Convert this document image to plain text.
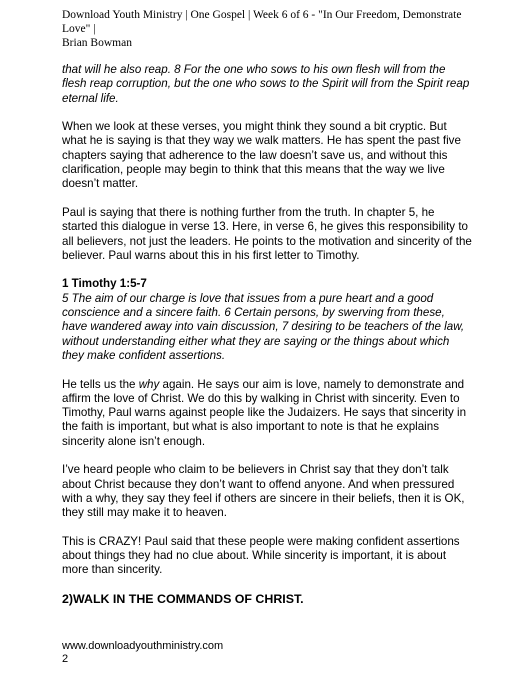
Download Youth Ministry | One Gospel | Week 6 of 6 - "In Our Freedom, Demonstrate Love" |
Brian Bowman

that will he also reap. 8 For the one who sows to his own flesh will from the flesh reap corruption, but the one who sows to the Spirit will from the Spirit reap eternal life.

When we look at these verses, you might think they sound a bit cryptic. But what he is saying is that they way we walk matters. He has spent the past five chapters saying that adherence to the law doesn’t save us, and without this clarification, people may begin to think that this means that the way we live doesn’t matter.

Paul is saying that there is nothing further from the truth. In chapter 5, he started this dialogue in verse 13. Here, in verse 6, he gives this responsibility to all believers, not just the leaders. He points to the motivation and sincerity of the believer. Paul warns about this in his first letter to Timothy.

1 Timothy 1:5-7
5 The aim of our charge is love that issues from a pure heart and a good conscience and a sincere faith. 6 Certain persons, by swerving from these, have wandered away into vain discussion, 7 desiring to be teachers of the law, without understanding either what they are saying or the things about which they make confident assertions.

He tells us the why again. He says our aim is love, namely to demonstrate and affirm the love of Christ. We do this by walking in Christ with sincerity. Even to Timothy, Paul warns against people like the Judaizers. He says that sincerity in the faith is important, but what is also important to note is that he explains sincerity alone isn’t enough.

I’ve heard people who claim to be believers in Christ say that they don’t talk about Christ because they don’t want to offend anyone. And when pressured with a why, they say they feel if others are sincere in their beliefs, then it is OK, they still may make it to heaven.

This is CRAZY! Paul said that these people were making confident assertions about things they had no clue about. While sincerity is important, it is about more than sincerity.

2)WALK IN THE COMMANDS OF CHRIST.

www.downloadyouthministry.com
2
